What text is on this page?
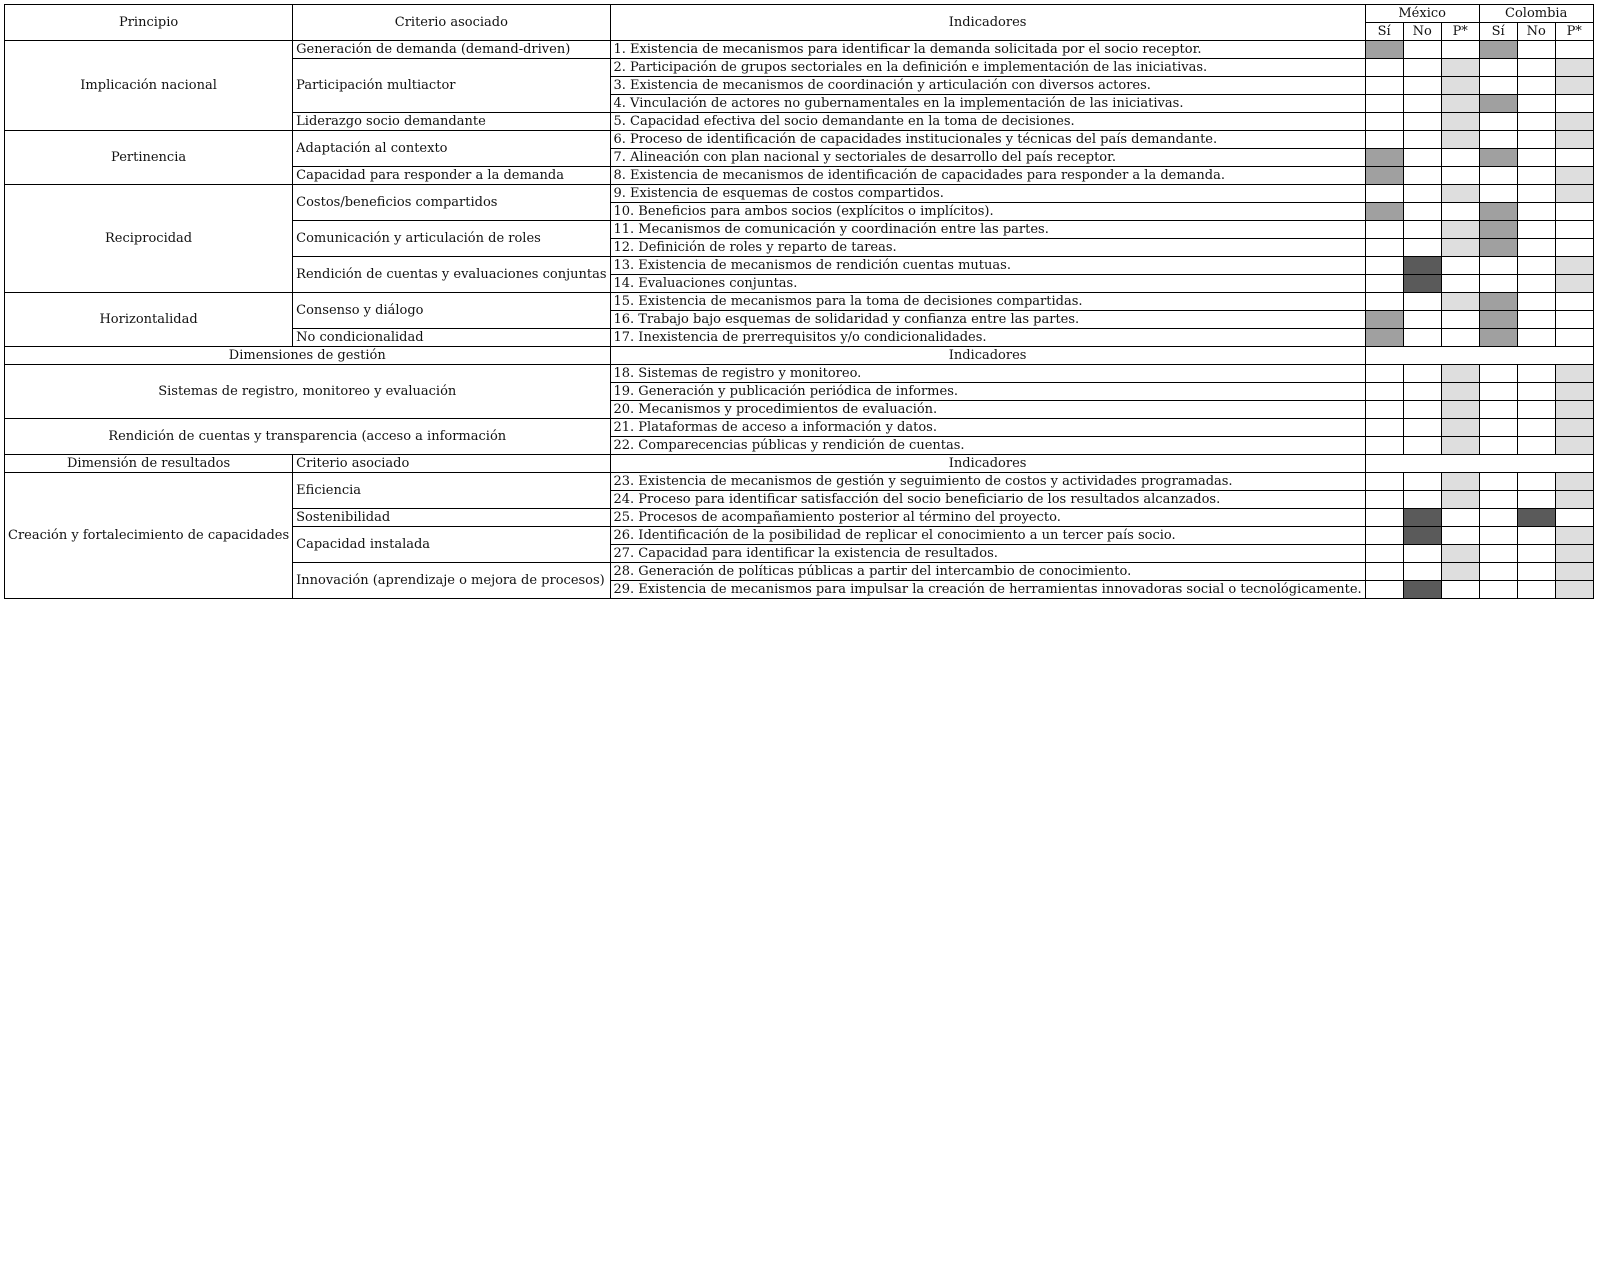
Principio	Criterio asociado	Indicadores	México			Colombia		
			Sí	No	P*	Sí	No	P*
Implicación nacional	Generación de demanda (demand-driven)	1. Existencia de mecanismos para identificar la demanda solicitada por el socio receptor.						
	Participación multiactor	2. Participación de grupos sectoriales en la definición e implementación de las iniciativas.						
		3. Existencia de mecanismos de coordinación y articulación con diversos actores.						
		4. Vinculación de actores no gubernamentales en la implementación de las iniciativas.						
	Liderazgo socio demandante	5. Capacidad efectiva del socio demandante en la toma de decisiones.						
Pertinencia	Adaptación al contexto	6. Proceso de identificación de capacidades institucionales y técnicas del país demandante.						
		7. Alineación con plan nacional y sectoriales de desarrollo del país receptor.						
	Capacidad para responder a la demanda	8. Existencia de mecanismos de identificación de capacidades para responder a la demanda.						
Reciprocidad	Costos/beneficios compartidos	9. Existencia de esquemas de costos compartidos.						
		10. Beneficios para ambos socios (explícitos o implícitos).						
	Comunicación y articulación de roles	11. Mecanismos de comunicación y coordinación entre las partes.						
		12. Definición de roles y reparto de tareas.						
	Rendición de cuentas y evaluaciones conjuntas	13. Existencia de mecanismos de rendición cuentas mutuas.						
		14. Evaluaciones conjuntas.						
Horizontalidad	Consenso y diálogo	15. Existencia de mecanismos para la toma de decisiones compartidas.						
		16. Trabajo bajo esquemas de solidaridad y confianza entre las partes.						
	No condicionalidad	17. Inexistencia de prerrequisitos y/o condicionalidades.						
Dimensiones de gestión		Indicadores						
Sistemas de registro, monitoreo y evaluación		18. Sistemas de registro y monitoreo.						
		19. Generación y publicación periódica de informes.						
		20. Mecanismos y procedimientos de evaluación.						
Rendición de cuentas y transparencia (acceso a información		21. Plataformas de acceso a información y datos.						
		22. Comparecencias públicas y rendición de cuentas.						
Dimensión de resultados	Criterio asociado	Indicadores						
Creación y fortalecimiento de capacidades	Eficiencia	23. Existencia de mecanismos de gestión y seguimiento de costos y actividades programadas.						
		24. Proceso para identificar satisfacción del socio beneficiario de los resultados alcanzados.						
	Sostenibilidad	25. Procesos de acompañamiento posterior al término del proyecto.						
	Capacidad instalada	26. Identificación de la posibilidad de replicar el conocimiento a un tercer país socio.						
		27. Capacidad para identificar la existencia de resultados.						
	Innovación (aprendizaje o mejora de procesos)	28. Generación de políticas públicas a partir del intercambio de conocimiento.						
		29. Existencia de mecanismos para impulsar la creación de herramientas innovadoras social o tecnológicamente.						
